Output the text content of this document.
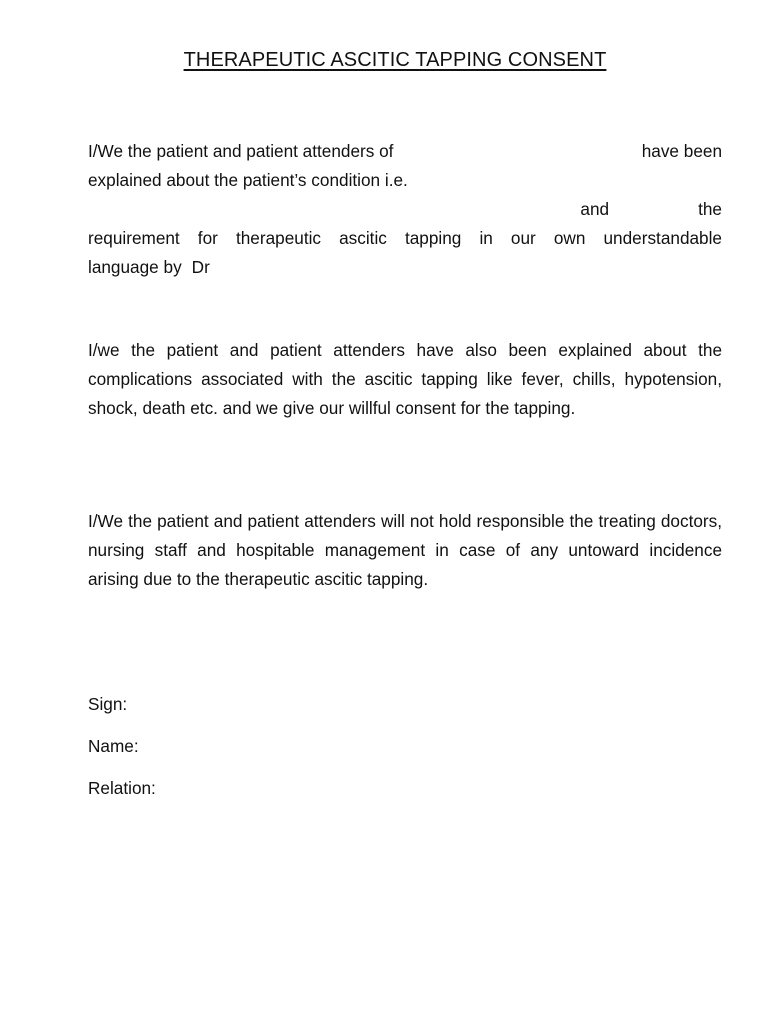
THERAPEUTIC ASCITIC TAPPING CONSENT
I/We the patient and patient attenders of	have been
explained about the patient’s condition i.e.
and	the
requirement for therapeutic ascitic tapping in our own understandable
language by Dr

I/we the patient and patient attenders have also been explained about the complications associated with the ascitic tapping like fever, chills, hypotension, shock, death etc. and we give our willful consent for the tapping.

I/We the patient and patient attenders will not hold responsible the treating doctors, nursing staff and hospitable management in case of any untoward incidence arising due to the therapeutic ascitic tapping.

Sign:

Name:

Relation:
